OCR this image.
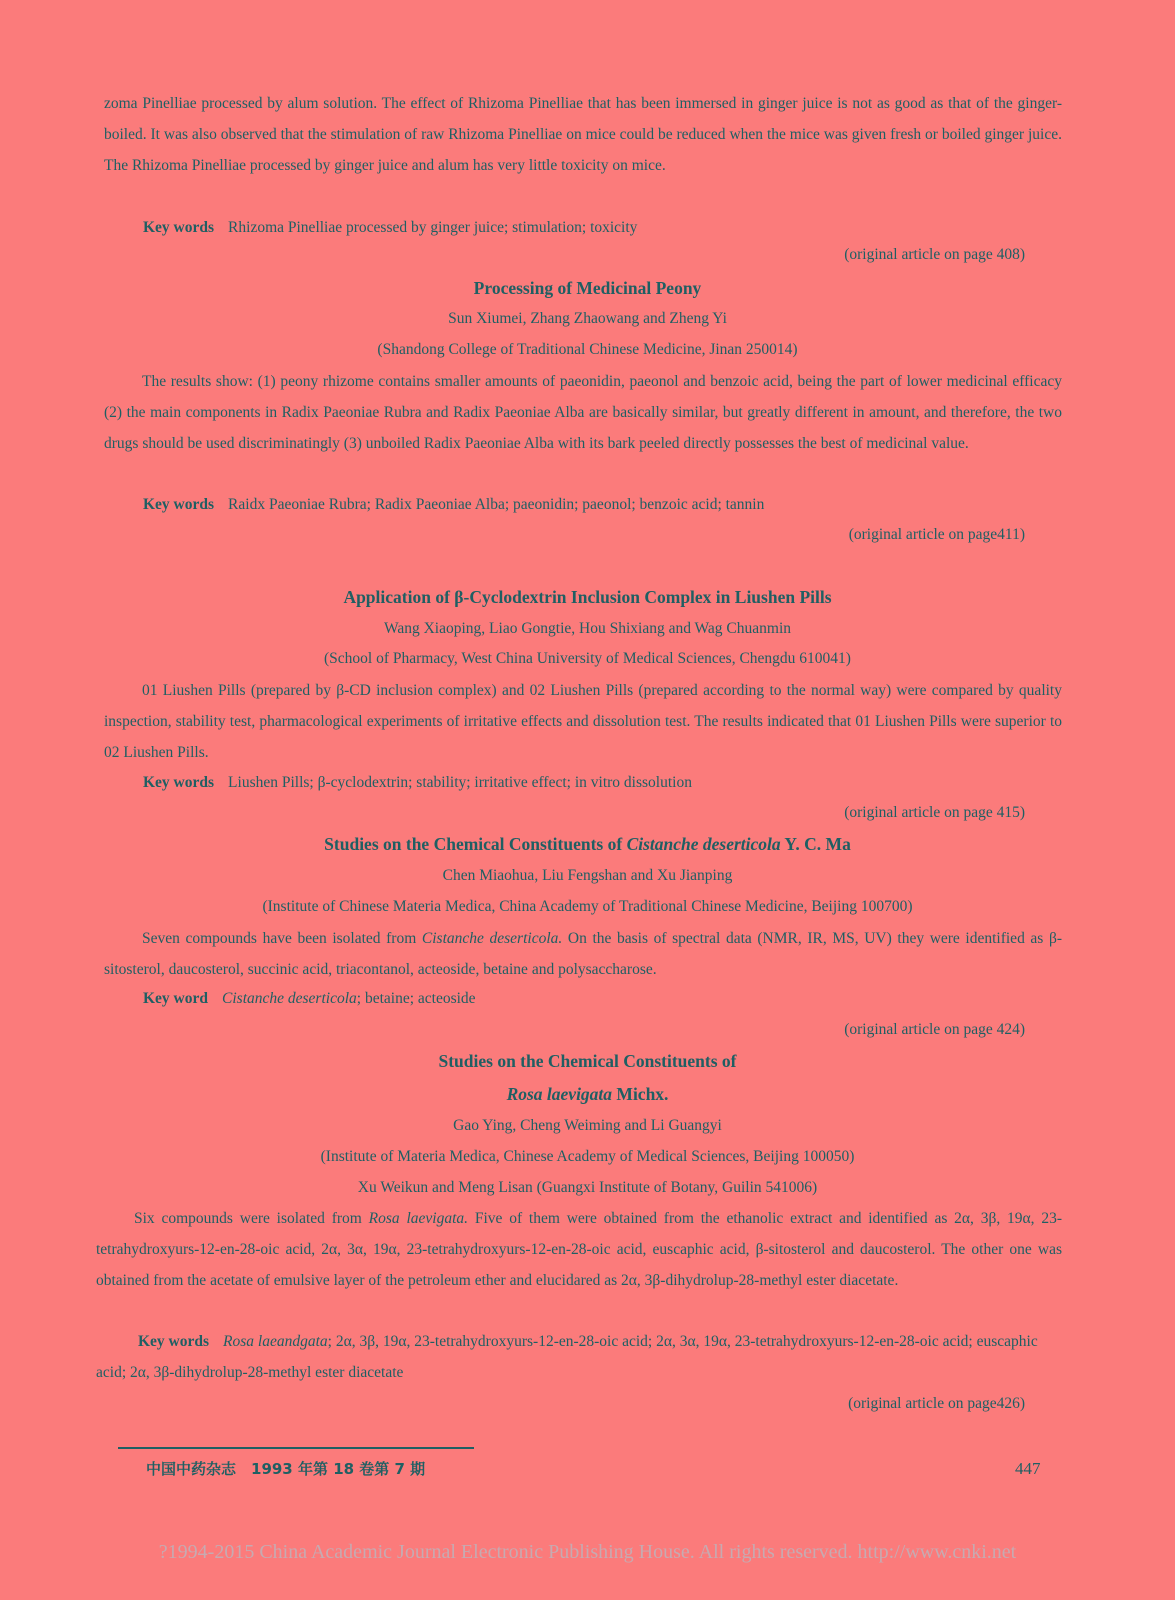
zoma Pinelliae processed by alum solution. The effect of Rhizoma Pinelliae that has been immersed in ginger juice is not as good as that of the ginger-boiled. It was also observed that the stimulation of raw Rhizoma Pinelliae on mice could be reduced when the mice was given fresh or boiled ginger juice. The Rhizoma Pinelliae processed by ginger juice and alum has very little toxicity on mice.

Key words Rhizoma Pinelliae processed by ginger juice; stimulation; toxicity

(original article on page 408)
Processing of Medicinal Peony

Sun Xiumei, Zhang Zhaowang and Zheng Yi

(Shandong College of Traditional Chinese Medicine, Jinan 250014)

The results show: (1) peony rhizome contains smaller amounts of paeonidin, paeonol and benzoic acid, being the part of lower medicinal efficacy (2) the main components in Radix Paeoniae Rubra and Radix Paeoniae Alba are basically similar, but greatly different in amount, and therefore, the two drugs should be used discriminatingly (3) unboiled Radix Paeoniae Alba with its bark peeled directly possesses the best of medicinal value.

Key words Raidx Paeoniae Rubra; Radix Paeoniae Alba; paeonidin; paeonol; benzoic acid; tannin

(original article on page411)
Application of β-Cyclodextrin Inclusion Complex in Liushen Pills

Wang Xiaoping, Liao Gongtie, Hou Shixiang and Wag Chuanmin

(School of Pharmacy, West China University of Medical Sciences, Chengdu 610041)

01 Liushen Pills (prepared by β-CD inclusion complex) and 02 Liushen Pills (prepared according to the normal way) were compared by quality inspection, stability test, pharmacological experiments of irritative effects and dissolution test. The results indicated that 01 Liushen Pills were superior to 02 Liushen Pills.

Key words Liushen Pills; β-cyclodextrin; stability; irritative effect; in vitro dissolution

(original article on page 415)
Studies on the Chemical Constituents of Cistanche deserticola Y. C. Ma

Chen Miaohua, Liu Fengshan and Xu Jianping

(Institute of Chinese Materia Medica, China Academy of Traditional Chinese Medicine, Beijing 100700)

Seven compounds have been isolated from Cistanche deserticola. On the basis of spectral data (NMR, IR, MS, UV) they were identified as β-sitosterol, daucosterol, succinic acid, triacontanol, acteoside, betaine and polysaccharose.

Key word Cistanche deserticola; betaine; acteoside

(original article on page 424)
Studies on the Chemical Constituents of
Rosa laevigata Michx.

Gao Ying, Cheng Weiming and Li Guangyi

(Institute of Materia Medica, Chinese Academy of Medical Sciences, Beijing 100050)

Xu Weikun and Meng Lisan (Guangxi Institute of Botany, Guilin 541006)

Six compounds were isolated from Rosa laevigata. Five of them were obtained from the ethanolic extract and identified as 2α, 3β, 19α, 23-tetrahydroxyurs-12-en-28-oic acid, 2α, 3α, 19α, 23-tetrahydroxyurs-12-en-28-oic acid, euscaphic acid, β-sitosterol and daucosterol. The other one was obtained from the acetate of emulsive layer of the petroleum ether and elucidared as 2α, 3β-dihydrolup-28-methyl ester diacetate.

Key words Rosa laeandgata; 2α, 3β, 19α, 23-tetrahydroxyurs-12-en-28-oic acid; 2α, 3α, 19α, 23-tetrahydroxyurs-12-en-28-oic acid; euscaphic acid; 2α, 3β-dihydrolup-28-methyl ester diacetate

(original article on page426)
中国中药杂志　1993 年第 18 卷第 7 期	447
?1994-2015 China Academic Journal Electronic Publishing House. All rights reserved. http://www.cnki.net
